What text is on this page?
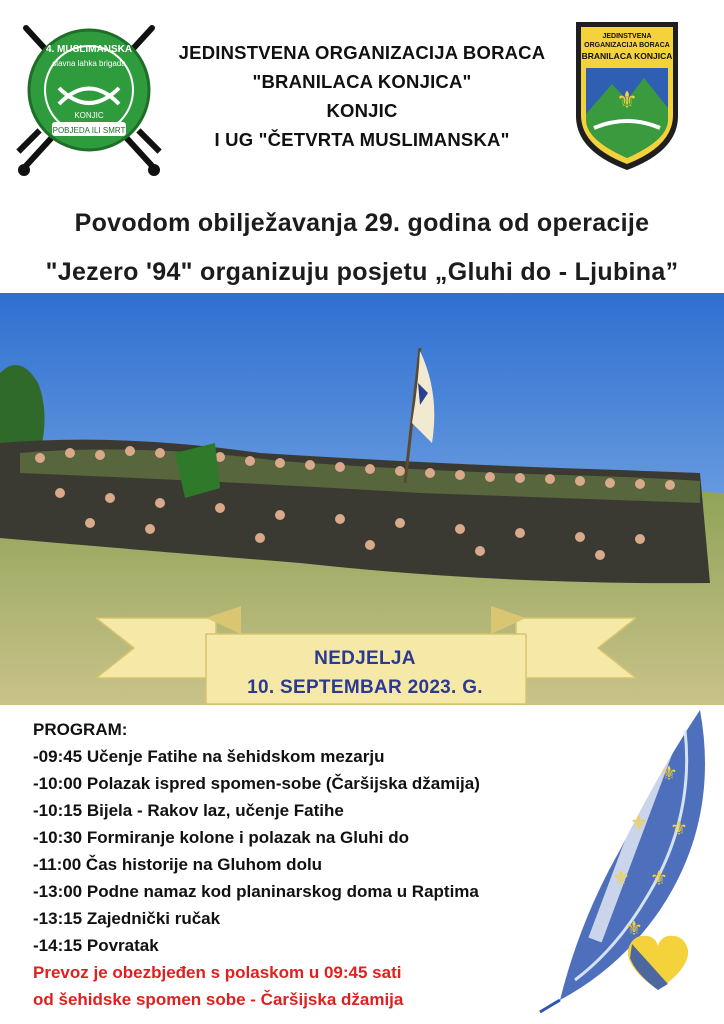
4. MUSLIMANSKA
slavna lahka brigada
KONJIC
POBJEDA ILI SMRT
JEDINSTVENA ORGANIZACIJA BORACA
"BRANILACA KONJICA"
KONJIC
I UG "ČETVRTA MUSLIMANSKA"
JEDINSTVENA
ORGANIZACIJA BORACA
BRANILACA KONJICA
⚜
Povodom obilježavanja 29. godina od operacije
"Jezero '94" organizuju posjetu „Gluhi do - Ljubina”
NEDJELJA
10. SEPTEMBAR 2023. G.
⚜
⚜ ⚜
⚜ ⚜
⚜
PROGRAM:
-09:45 Učenje Fatihe na šehidskom mezarju
-10:00 Polazak ispred spomen-sobe (Čaršijska džamija)
-10:15 Bijela - Rakov laz, učenje Fatihe
-10:30 Formiranje kolone i polazak na Gluhi do
-11:00 Čas historije na Gluhom dolu
-13:00 Podne namaz kod planinarskog doma u Raptima
-13:15 Zajednički ručak
-14:15 Povratak
Prevoz je obezbjeđen s polaskom u 09:45 sati
od šehidske spomen sobe - Čaršijska džamija
